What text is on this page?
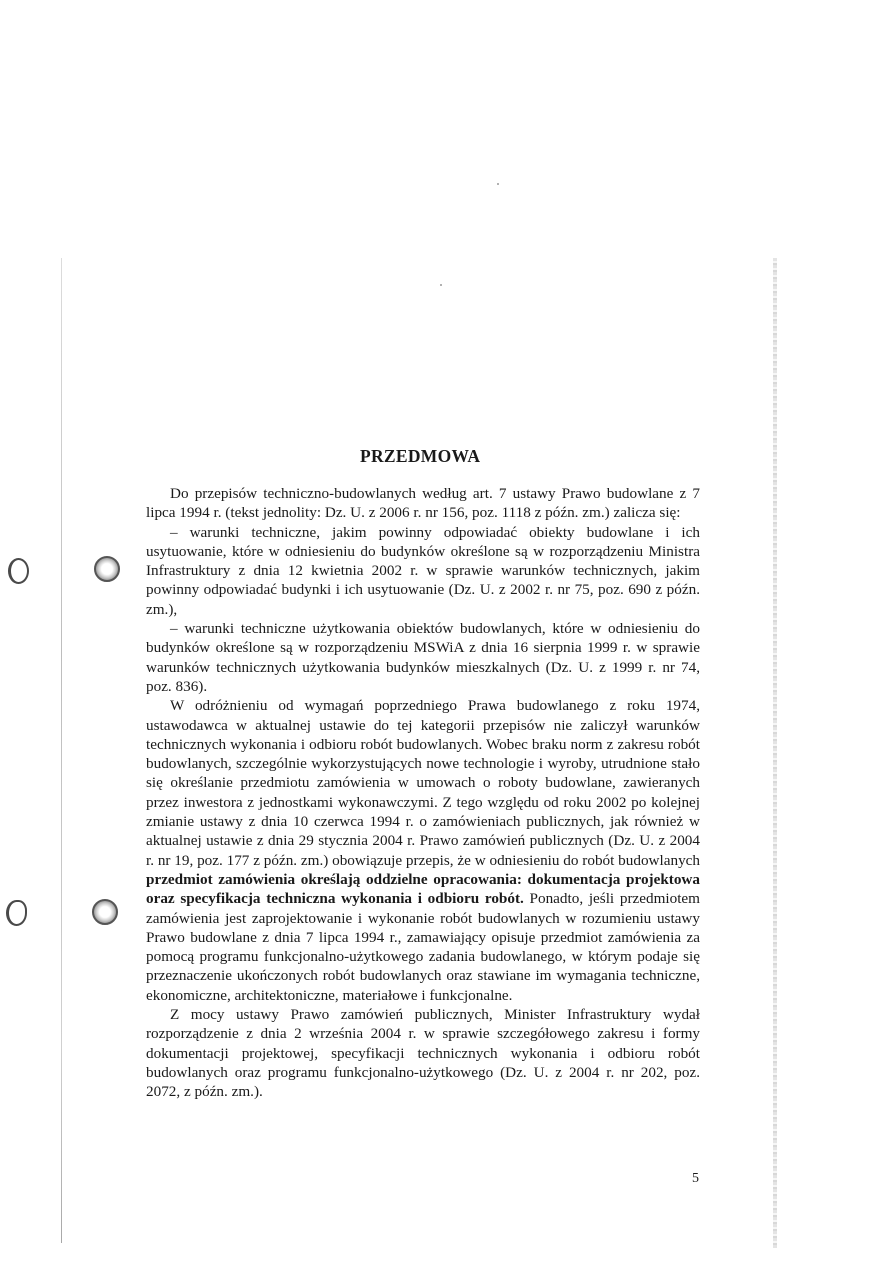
PRZEDMOWA

Do przepisów techniczno-budowlanych według art. 7 ustawy Prawo budowlane z 7 lipca 1994 r. (tekst jednolity: Dz. U. z 2006 r. nr 156, poz. 1118 z późn. zm.) zalicza się:

– warunki techniczne, jakim powinny odpowiadać obiekty budowlane i ich usytuowanie, które w odniesieniu do budynków określone są w rozporządzeniu Ministra Infrastruktury z dnia 12 kwietnia 2002 r. w sprawie warunków technicznych, jakim powinny odpowiadać budynki i ich usytuowanie (Dz. U. z 2002 r. nr 75, poz. 690 z późn. zm.),

– warunki techniczne użytkowania obiektów budowlanych, które w odniesieniu do budynków określone są w rozporządzeniu MSWiA z dnia 16 sierpnia 1999 r. w sprawie warunków technicznych użytkowania budynków mieszkalnych (Dz. U. z 1999 r. nr 74, poz. 836).

W odróżnieniu od wymagań poprzedniego Prawa budowlanego z roku 1974, ustawodawca w aktualnej ustawie do tej kategorii przepisów nie zaliczył warunków technicznych wykonania i odbioru robót budowlanych. Wobec braku norm z zakresu robót budowlanych, szczególnie wykorzystujących nowe technologie i wyroby, utrudnione stało się określanie przedmiotu zamówienia w umowach o roboty budowlane, zawieranych przez inwestora z jednostkami wykonawczymi. Z tego względu od roku 2002 po kolejnej zmianie ustawy z dnia 10 czerwca 1994 r. o zamówieniach publicznych, jak również w aktualnej ustawie z dnia 29 stycznia 2004 r. Prawo zamówień publicznych (Dz. U. z 2004 r. nr 19, poz. 177 z późn. zm.) obowiązuje przepis, że w odniesieniu do robót budowlanych przedmiot zamówienia określają oddzielne opracowania: dokumentacja projektowa oraz specyfikacja techniczna wykonania i odbioru robót. Ponadto, jeśli przedmiotem zamówienia jest zaprojektowanie i wykonanie robót budowlanych w rozumieniu ustawy Prawo budowlane z dnia 7 lipca 1994 r., zamawiający opisuje przedmiot zamówienia za pomocą programu funkcjonalno-użytkowego zadania budowlanego, w którym podaje się przeznaczenie ukończonych robót budowlanych oraz stawiane im wymagania techniczne, ekonomiczne, architektoniczne, materiałowe i funkcjonalne.

Z mocy ustawy Prawo zamówień publicznych, Minister Infrastruktury wydał rozporządzenie z dnia 2 września 2004 r. w sprawie szczegółowego zakresu i formy dokumentacji projektowej, specyfikacji technicznych wykonania i odbioru robót budowlanych oraz programu funkcjonalno-użytkowego (Dz. U. z 2004 r. nr 202, poz. 2072, z późn. zm.).

5
